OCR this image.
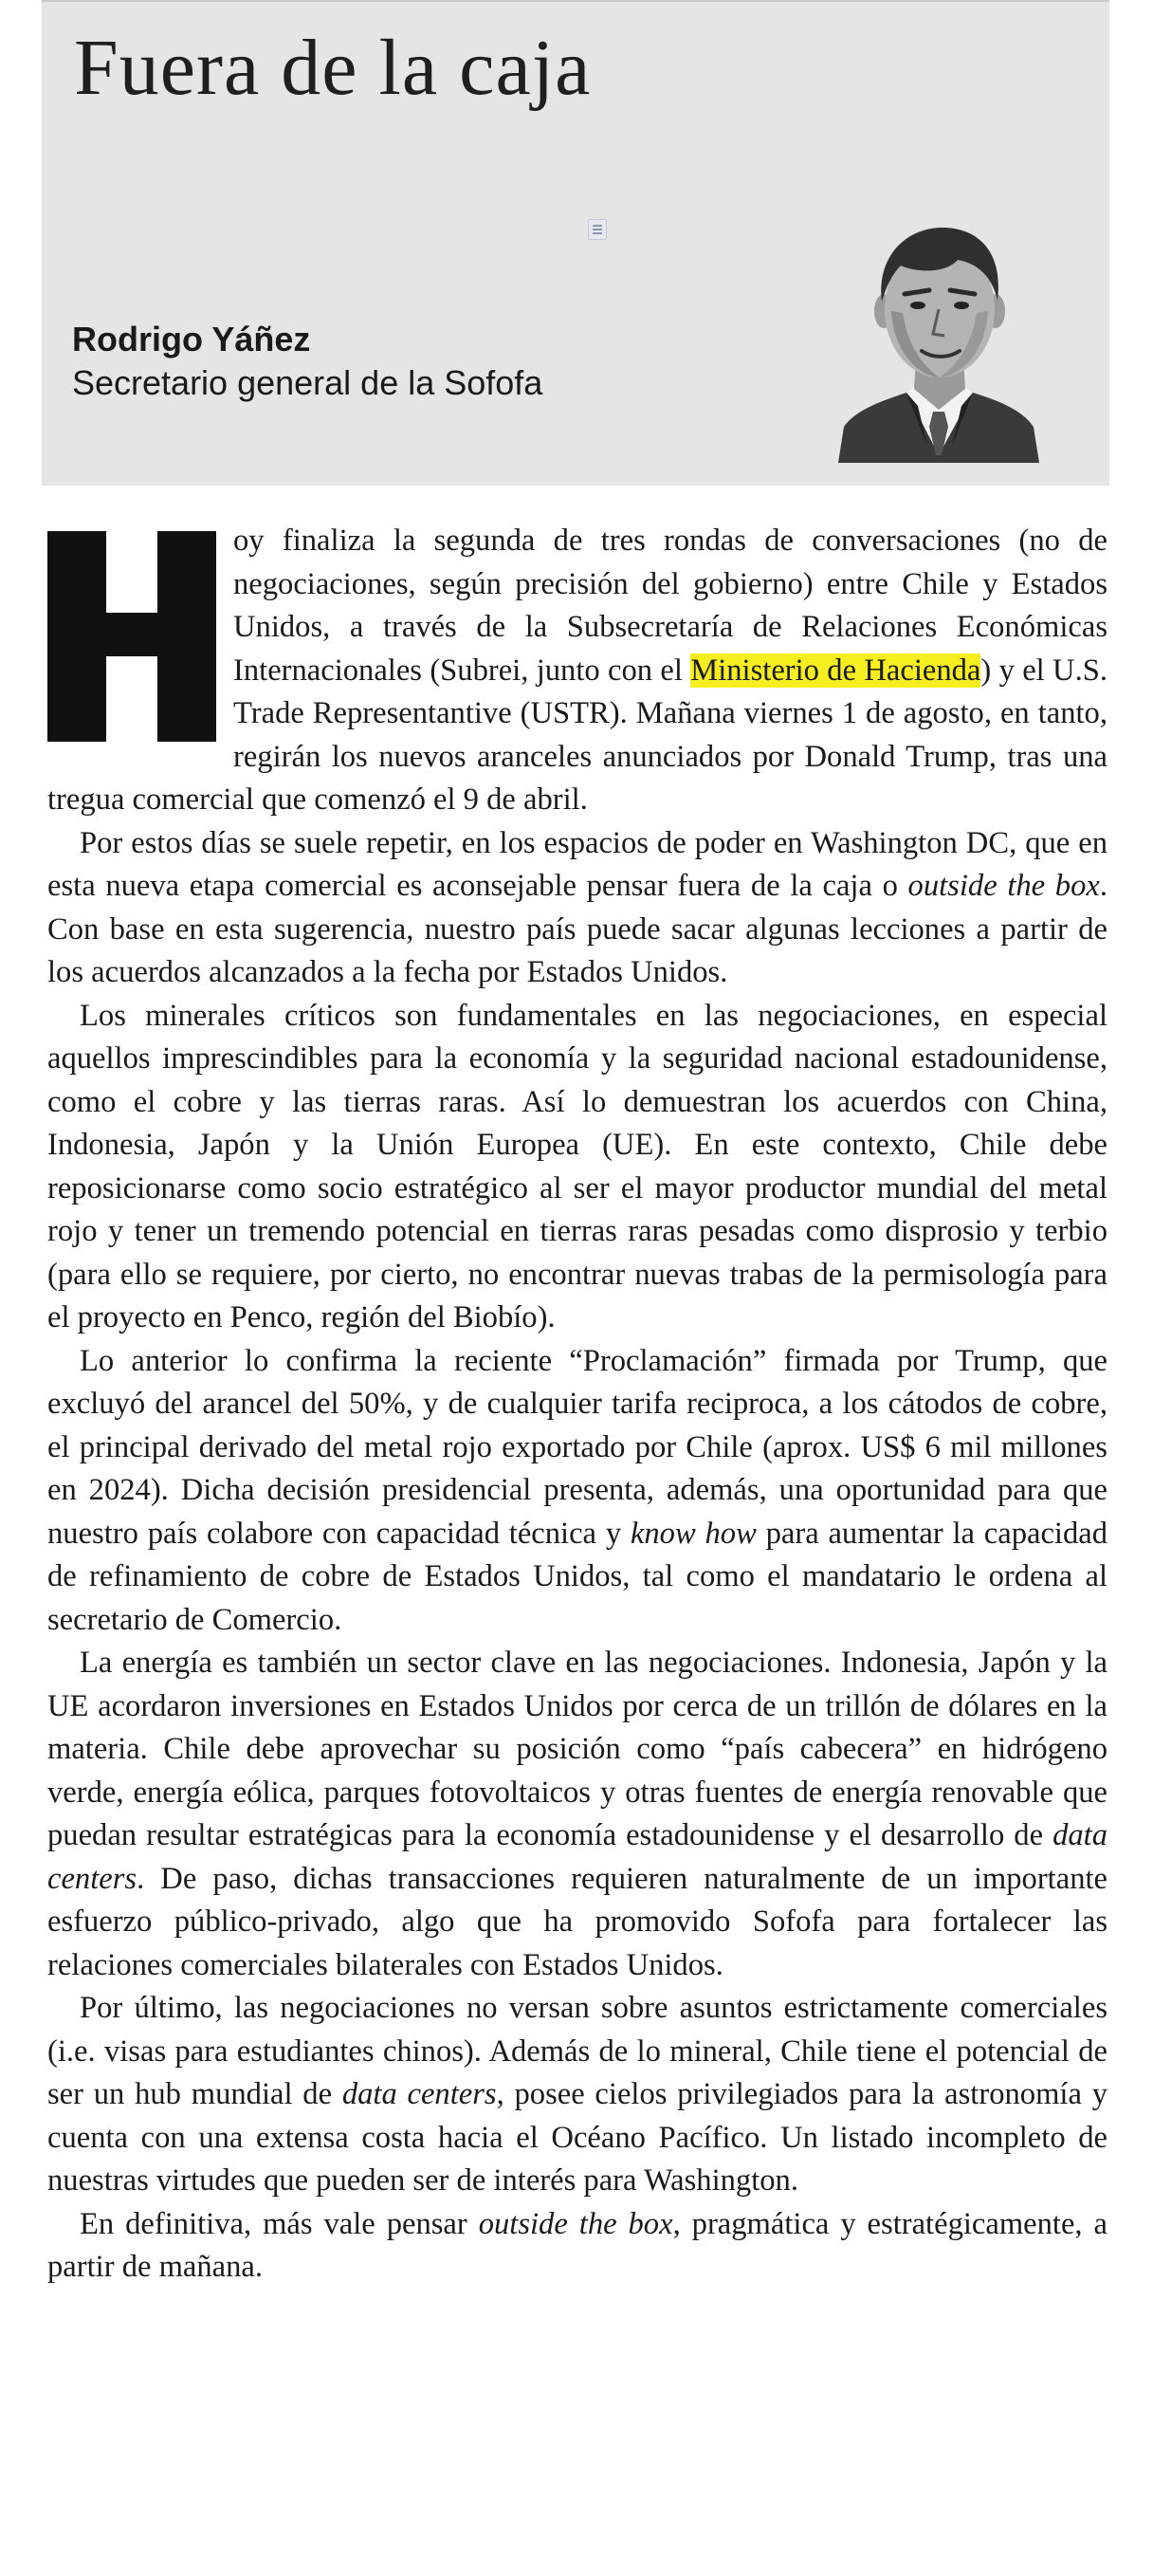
Fuera de la caja
Rodrigo Yáñez
Secretario general de la Sofofa

oy finaliza la segunda de tres rondas de conversaciones (no de negociaciones, según precisión del gobierno) entre Chile y Estados Unidos, a través de la Subsecretaría de Relaciones Económicas Internacionales (Subrei, junto con el Ministerio de Hacienda) y el U.S. Trade Representantive (USTR). Mañana viernes 1 de agosto, en tanto, regirán los nuevos aranceles anunciados por Donald Trump, tras una tregua comercial que comenzó el 9 de abril.

Por estos días se suele repetir, en los espacios de poder en Washington DC, que en esta nueva etapa comercial es aconsejable pensar fuera de la caja o outside the box. Con base en esta sugerencia, nuestro país puede sacar algunas lecciones a partir de los acuerdos alcanzados a la fecha por Estados Unidos.

Los minerales críticos son fundamentales en las negociaciones, en especial aquellos imprescindibles para la economía y la seguridad nacional estadounidense, como el cobre y las tierras raras. Así lo demuestran los acuerdos con China, Indonesia, Japón y la Unión Europea (UE). En este contexto, Chile debe reposicionarse como socio estratégico al ser el mayor productor mundial del metal rojo y tener un tremendo potencial en tierras raras pesadas como disprosio y terbio (para ello se requiere, por cierto, no encontrar nuevas trabas de la permisología para el proyecto en Penco, región del Biobío).

Lo anterior lo confirma la reciente “Proclamación” firmada por Trump, que excluyó del arancel del 50%, y de cualquier tarifa reciproca, a los cátodos de cobre, el principal derivado del metal rojo exportado por Chile (aprox. US$ 6 mil millones en 2024). Dicha decisión presidencial presenta, además, una oportunidad para que nuestro país colabore con capacidad técnica y know how para aumentar la capacidad de refinamiento de cobre de Estados Unidos, tal como el mandatario le ordena al secretario de Comercio.

La energía es también un sector clave en las negociaciones. Indonesia, Japón y la UE acordaron inversiones en Estados Unidos por cerca de un trillón de dólares en la materia. Chile debe aprovechar su posición como “país cabecera” en hidrógeno verde, energía eólica, parques fotovoltaicos y otras fuentes de energía renovable que puedan resultar estratégicas para la economía estadounidense y el desarrollo de data centers. De paso, dichas transacciones requieren naturalmente de un importante esfuerzo público-privado, algo que ha promovido Sofofa para fortalecer las relaciones comerciales bilaterales con Estados Unidos.

Por último, las negociaciones no versan sobre asuntos estrictamente comerciales (i.e. visas para estudiantes chinos). Además de lo mineral, Chile tiene el potencial de ser un hub mundial de data centers, posee cielos privilegiados para la astronomía y cuenta con una extensa costa hacia el Océano Pacífico. Un listado incompleto de nuestras virtudes que pueden ser de interés para Washington.

En definitiva, más vale pensar outside the box, pragmática y estratégicamente, a partir de mañana.
